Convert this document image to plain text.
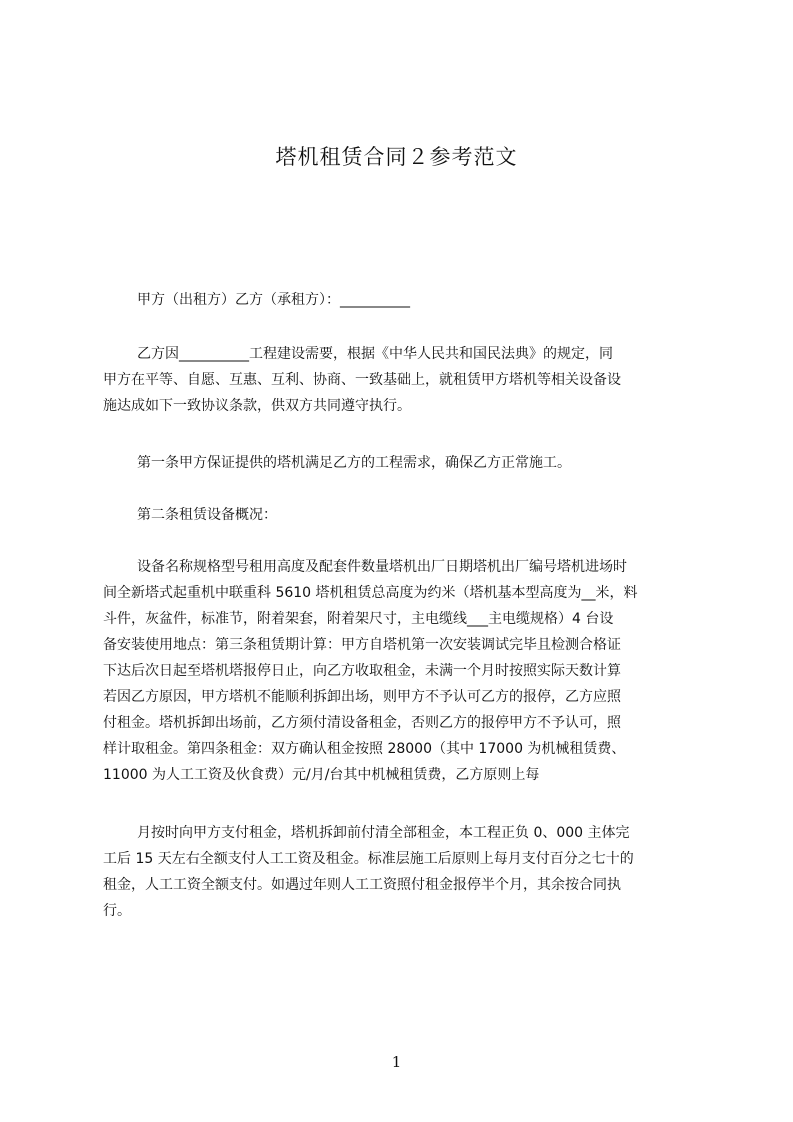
塔机租赁合同２参考范文
甲方（出租方）乙方（承租方）：__________
乙方因__________工程建设需要，根据《中华人民共和国民法典》的规定，同
甲方在平等、自愿、互惠、互利、协商、一致基础上，就租赁甲方塔机等相关设备设
施达成如下一致协议条款，供双方共同遵守执行。
第一条甲方保证提供的塔机满足乙方的工程需求，确保乙方正常施工。
第二条租赁设备概况：
设备名称规格型号租用高度及配套件数量塔机出厂日期塔机出厂编号塔机进场时
间全新塔式起重机中联重科 5610 塔机租赁总高度为约米（塔机基本型高度为__米，料
斗件，灰盆件，标准节，附着架套，附着架尺寸，主电缆线___主电缆规格）4 台设
备安装使用地点：第三条租赁期计算：甲方自塔机第一次安装调试完毕且检测合格证
下达后次日起至塔机塔报停日止，向乙方收取租金，未满一个月时按照实际天数计算
若因乙方原因，甲方塔机不能顺利拆卸出场，则甲方不予认可乙方的报停，乙方应照
付租金。塔机拆卸出场前，乙方须付清设备租金，否则乙方的报停甲方不予认可，照
样计取租金。第四条租金：双方确认租金按照 28000（其中 17000 为机械租赁费、
11000 为人工工资及伙食费）元/月/台其中机械租赁费，乙方原则上每
月按时向甲方支付租金，塔机拆卸前付清全部租金，本工程正负 0、000 主体完
工后 15 天左右全额支付人工工资及租金。标准层施工后原则上每月支付百分之七十的
租金，人工工资全额支付。如遇过年则人工工资照付租金报停半个月，其余按合同执
行。
1
